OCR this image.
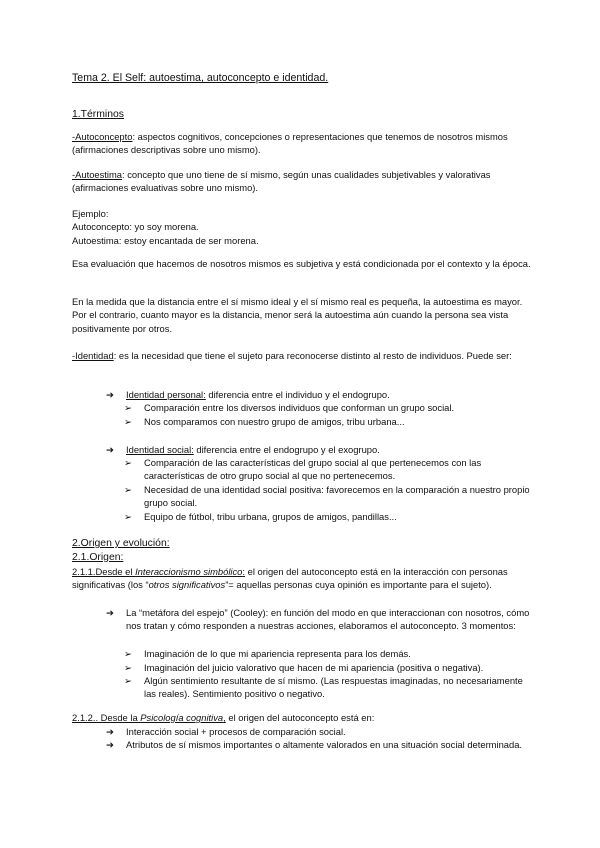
Tema 2. El Self: autoestima, autoconcepto e identidad.

1.Términos

-Autoconcepto: aspectos cognitivos, concepciones o representaciones que tenemos de nosotros mismos (afirmaciones descriptivas sobre uno mismo).

-Autoestima: concepto que uno tiene de sí mismo, según unas cualidades subjetivables y valorativas (afirmaciones evaluativas sobre uno mismo).

Ejemplo:

Autoconcepto: yo soy morena.

Autoestima: estoy encantada de ser morena.

Esa evaluación que hacemos de nosotros mismos es subjetiva y está condicionada por el contexto y la época.

En la medida que la distancia entre el sí mismo ideal y el sí mismo real es pequeña, la autoestima es mayor. Por el contrario, cuanto mayor es la distancia, menor será la autoestima aún cuando la persona sea vista positivamente por otros.

-Identidad: es la necesidad que tiene el sujeto para reconocerse distinto al resto de individuos. Puede ser:

➔	Identidad personal: diferencia entre el individuo y el endogrupo.
➢	Comparación entre los diversos individuos que conforman un grupo social.
➢	Nos comparamos con nuestro grupo de amigos, tribu urbana...
➔	Identidad social: diferencia entre el endogrupo y el exogrupo.
➢	Comparación de las características del grupo social al que pertenecemos con las características de otro grupo social al que no pertenecemos.
➢	Necesidad de una identidad social positiva: favorecemos en la comparación a nuestro propio grupo social.
➢	Equipo de fútbol, tribu urbana, grupos de amigos, pandillas...

2.Origen y evolución:

2.1.Origen:

2.1.1.Desde el Interaccionismo simbólico: el origen del autoconcepto está en la interacción con personas significativas (los “otros significativos”= aquellas personas cuya opinión es importante para el sujeto).

➔	La “metáfora del espejo” (Cooley): en función del modo en que interaccionan con nosotros, cómo nos tratan y cómo responden a nuestras acciones, elaboramos el autoconcepto. 3 momentos:
➢	Imaginación de lo que mi apariencia representa para los demás.
➢	Imaginación del juicio valorativo que hacen de mi apariencia (positiva o negativa).
➢	Algún sentimiento resultante de sí mismo. (Las respuestas imaginadas, no necesariamente las reales). Sentimiento positivo o negativo.

2.1.2.. Desde la Psicología cognitiva, el origen del autoconcepto está en:

➔	Interacción social + procesos de comparación social.
➔	Atributos de sí mismos importantes o altamente valorados en una situación social determinada.
